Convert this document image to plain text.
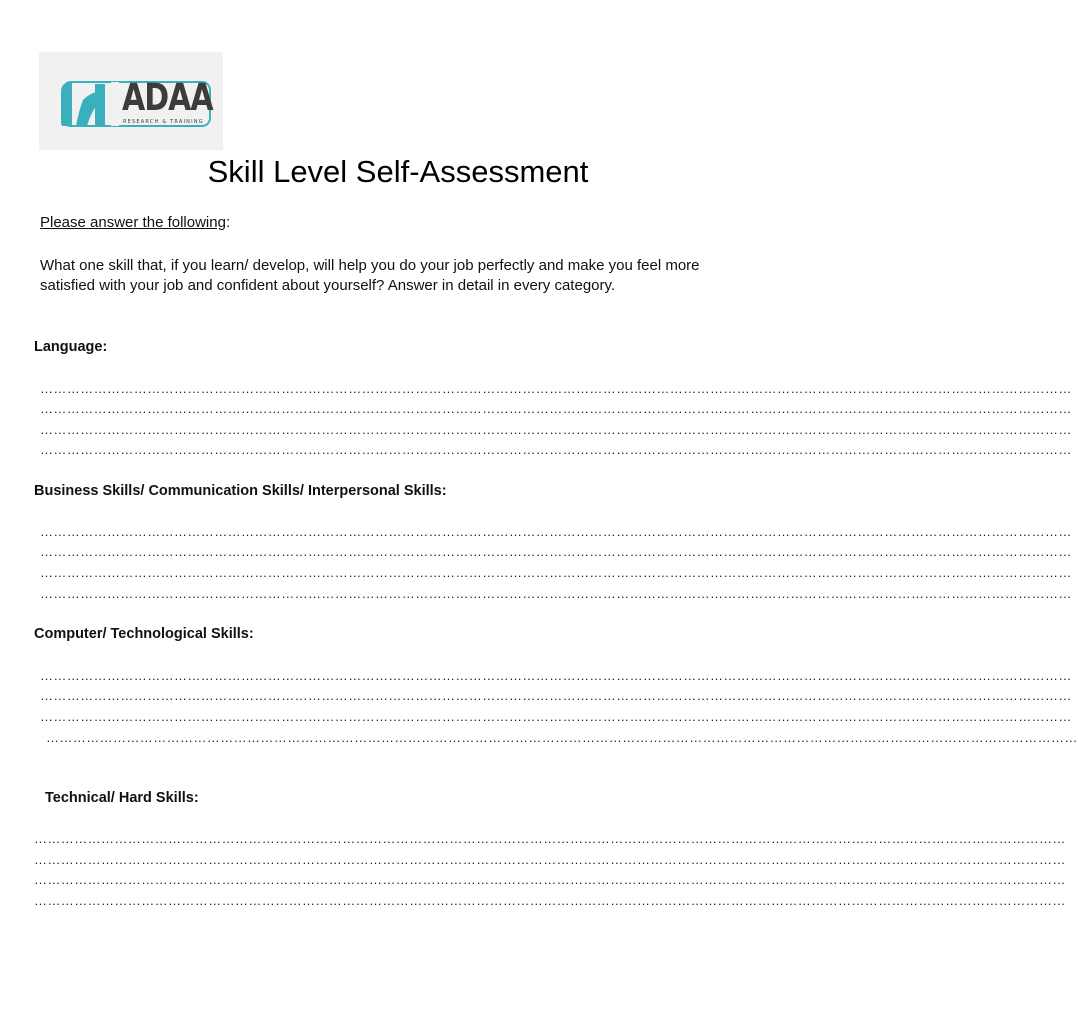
ADAA
RESEARCH & TRAINING
Skill Level Self-Assessment
Please answer the following:
What one skill that, if you learn/ develop, will help you do your job perfectly and make you feel more satisfied with your job and confident about yourself? Answer in detail in every category.
Language:
……………………………………………………………………………………………………………………………………………………………………………………………………………
……………………………………………………………………………………………………………………………………………………………………………………………………………
……………………………………………………………………………………………………………………………………………………………………………………………………………
……………………………………………………………………………………………………………………………………………………………………………………………………………
Business Skills/ Communication Skills/ Interpersonal Skills:
……………………………………………………………………………………………………………………………………………………………………………………………………………
……………………………………………………………………………………………………………………………………………………………………………………………………………
……………………………………………………………………………………………………………………………………………………………………………………………………………
……………………………………………………………………………………………………………………………………………………………………………………………………………
Computer/ Technological Skills:
……………………………………………………………………………………………………………………………………………………………………………………………………………
……………………………………………………………………………………………………………………………………………………………………………………………………………
……………………………………………………………………………………………………………………………………………………………………………………………………………
……………………………………………………………………………………………………………………………………………………………………………………………………………
Technical/ Hard Skills:
……………………………………………………………………………………………………………………………………………………………………………………………………………
……………………………………………………………………………………………………………………………………………………………………………………………………………
……………………………………………………………………………………………………………………………………………………………………………………………………………
……………………………………………………………………………………………………………………………………………………………………………………………………………
